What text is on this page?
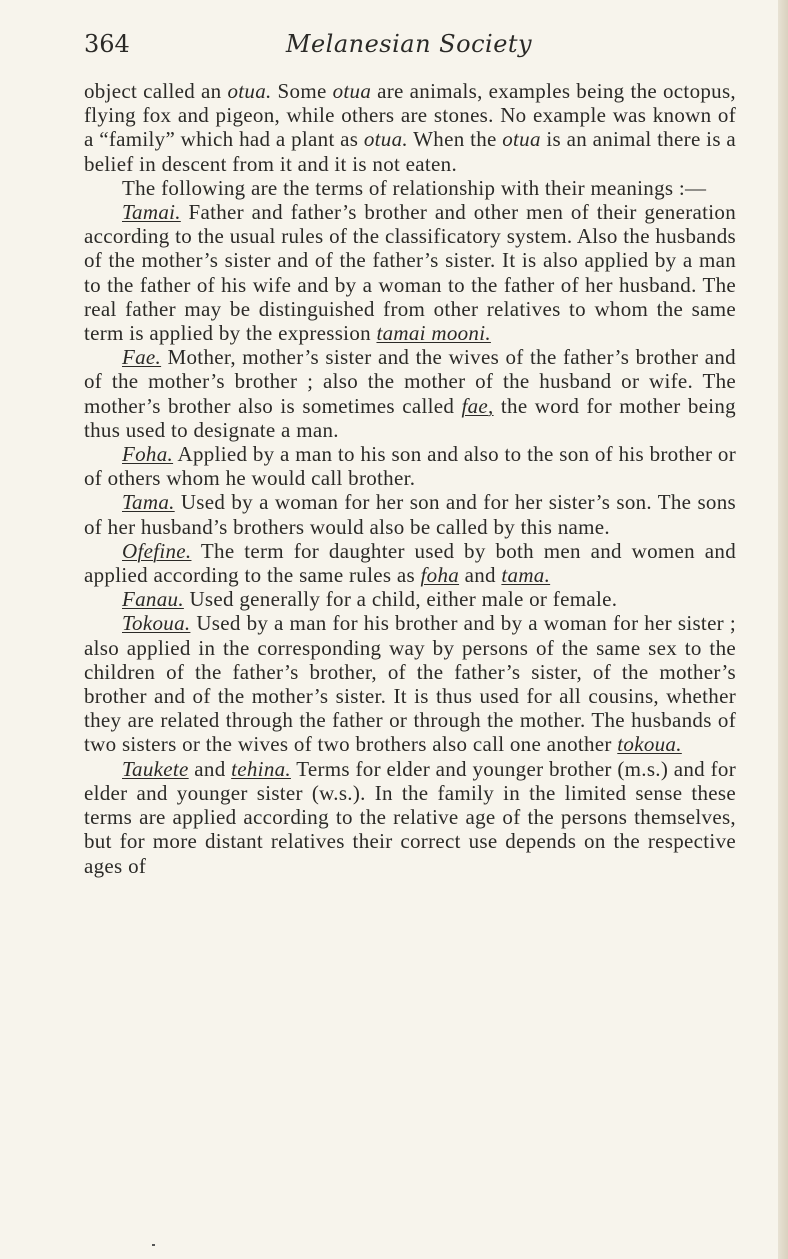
364	Melanesian Society

object called an otua. Some otua are animals, examples being the octopus, flying fox and pigeon, while others are stones. No example was known of a “family” which had a plant as otua. When the otua is an animal there is a belief in descent from it and it is not eaten.

The following are the terms of relationship with their meanings :—

Tamai. Father and father’s brother and other men of their generation according to the usual rules of the classificatory system. Also the husbands of the mother’s sister and of the father’s sister. It is also applied by a man to the father of his wife and by a woman to the father of her husband. The real father may be distinguished from other relatives to whom the same term is applied by the expression tamai mooni.

Fae. Mother, mother’s sister and the wives of the father’s brother and of the mother’s brother ; also the mother of the husband or wife. The mother’s brother also is sometimes called fae, the word for mother being thus used to designate a man.

Foha. Applied by a man to his son and also to the son of his brother or of others whom he would call brother.

Tama. Used by a woman for her son and for her sister’s son. The sons of her husband’s brothers would also be called by this name.

Ofefine. The term for daughter used by both men and women and applied according to the same rules as foha and tama.

Fanau. Used generally for a child, either male or female.

Tokoua. Used by a man for his brother and by a woman for her sister ; also applied in the corresponding way by persons of the same sex to the children of the father’s brother, of the father’s sister, of the mother’s brother and of the mother’s sister. It is thus used for all cousins, whether they are related through the father or through the mother. The husbands of two sisters or the wives of two brothers also call one another tokoua.

Taukete and tehina. Terms for elder and younger brother (m.s.) and for elder and younger sister (w.s.). In the family in the limited sense these terms are applied according to the relative age of the persons themselves, but for more distant relatives their correct use depends on the respective ages of
